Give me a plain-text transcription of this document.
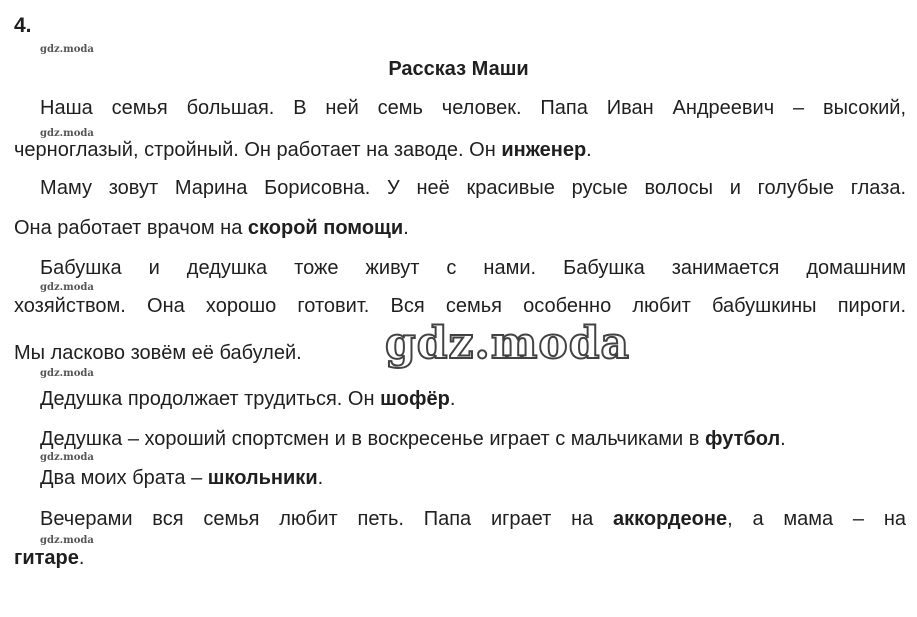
4.
gdz.moda
Рассказ Маши
Наша семья большая. В ней семь человек. Папа Иван Андреевич – высокий,
gdz.moda
черноглазый, стройный. Он работает на заводе. Он инженер.
Маму зовут Марина Борисовна. У неё красивые русые волосы и голубые глаза.
Она работает врачом на скорой помощи.
Бабушка и дедушка тоже живут с нами. Бабушка занимается домашним
gdz.moda
хозяйством. Она хорошо готовит. Вся семья особенно любит бабушкины пироги.
Мы ласково зовём её бабулей. gdz.moda
gdz.moda
Дедушка продолжает трудиться. Он шофёр.
Дедушка – хороший спортсмен и в воскресенье играет с мальчиками в футбол.
gdz.moda
Два моих брата – школьники.
Вечерами вся семья любит петь. Папа играет на аккордеоне, а мама – на
gdz.moda
гитаре.
